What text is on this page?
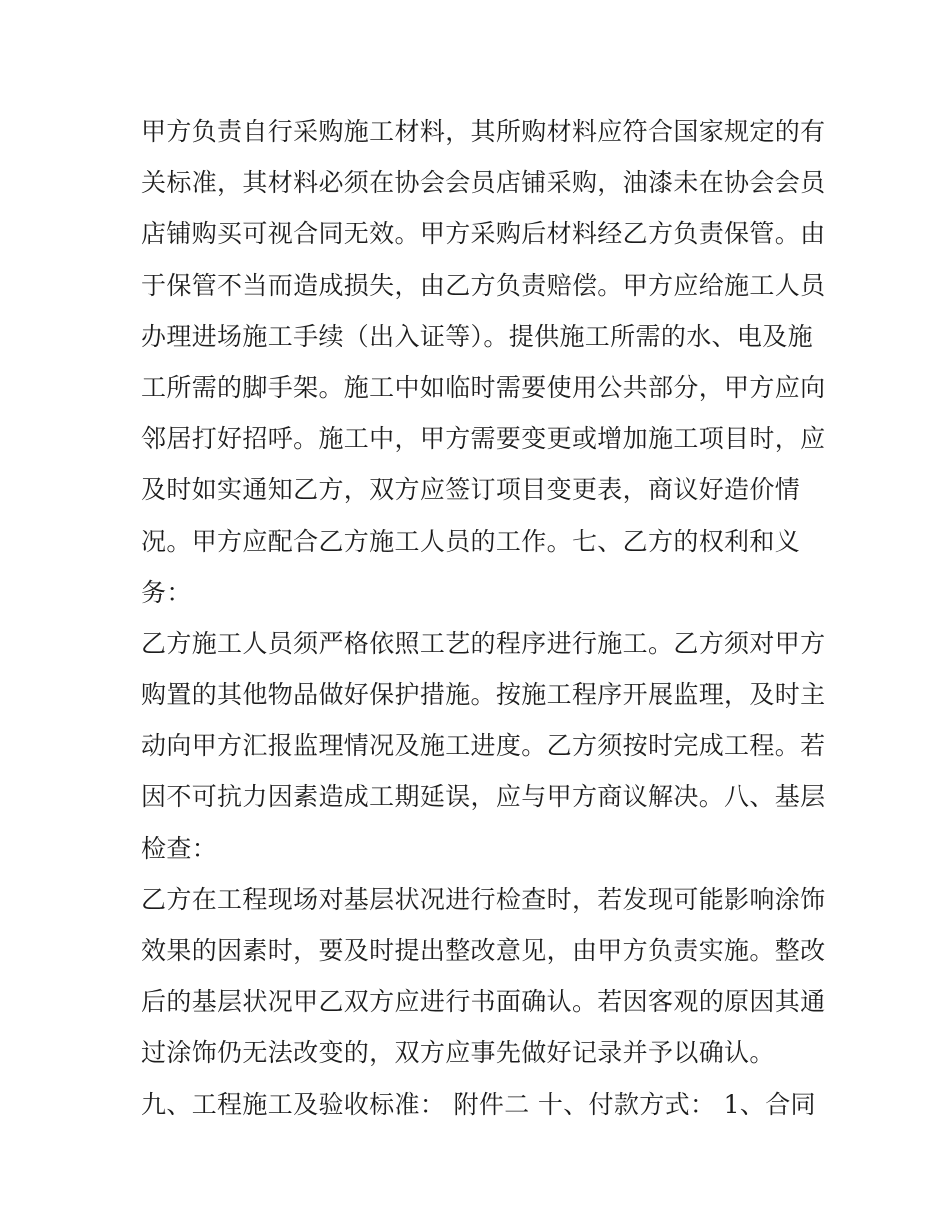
甲方负责自行采购施工材料，其所购材料应符合国家规定的有
关标准，其材料必须在协会会员店铺采购，油漆未在协会会员
店铺购买可视合同无效。甲方采购后材料经乙方负责保管。由
于保管不当而造成损失，由乙方负责赔偿。甲方应给施工人员
办理进场施工手续（出入证等）。提供施工所需的水、电及施
工所需的脚手架。施工中如临时需要使用公共部分，甲方应向
邻居打好招呼。施工中，甲方需要变更或增加施工项目时，应
及时如实通知乙方，双方应签订项目变更表，商议好造价情
况。甲方应配合乙方施工人员的工作。七、乙方的权利和义
务：
乙方施工人员须严格依照工艺的程序进行施工。乙方须对甲方
购置的其他物品做好保护措施。按施工程序开展监理，及时主
动向甲方汇报监理情况及施工进度。乙方须按时完成工程。若
因不可抗力因素造成工期延误，应与甲方商议解决。八、基层
检查：
乙方在工程现场对基层状况进行检查时，若发现可能影响涂饰
效果的因素时，要及时提出整改意见，由甲方负责实施。整改
后的基层状况甲乙双方应进行书面确认。若因客观的原因其通
过涂饰仍无法改变的，双方应事先做好记录并予以确认。
九、工程施工及验收标准： 附件二 十、付款方式： 1、合同
